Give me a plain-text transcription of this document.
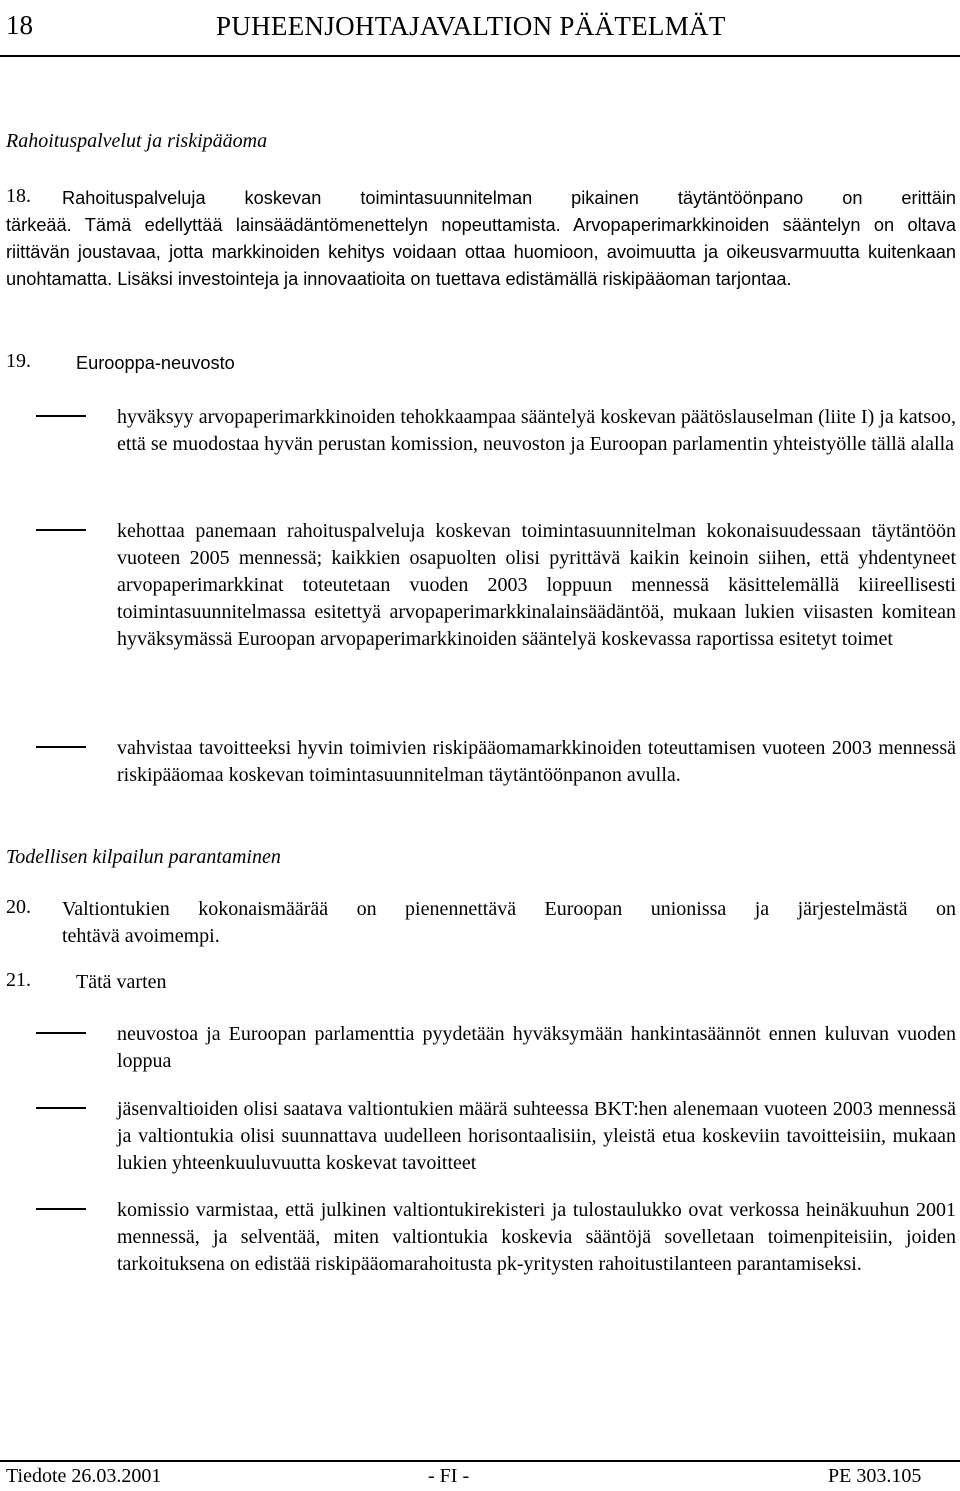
18	PUHEENJOHTAJAVALTION PÄÄTELMÄT
Rahoituspalvelut ja riskipääoma
18. Rahoituspalveluja koskevan toimintasuunnitelman pikainen täytäntöönpano on erittäin
tärkeää. Tämä edellyttää lainsäädäntömenettelyn nopeuttamista. Arvopaperimarkkinoiden sääntelyn on oltava riittävän joustavaa, jotta markkinoiden kehitys voidaan ottaa huomioon, avoimuutta ja oikeusvarmuutta kuitenkaan unohtamatta. Lisäksi investointeja ja innovaatioita on tuettava edistämällä riskipääoman tarjontaa.
19. Eurooppa-neuvosto
hyväksyy arvopaperimarkkinoiden tehokkaampaa sääntelyä koskevan päätöslauselman (liite I) ja katsoo, että se muodostaa hyvän perustan komission, neuvoston ja Euroopan parlamentin yhteistyölle tällä alalla
kehottaa panemaan rahoituspalveluja koskevan toimintasuunnitelman kokonaisuudessaan täytäntöön vuoteen 2005 mennessä; kaikkien osapuolten olisi pyrittävä kaikin keinoin siihen, että yhdentyneet arvopaperimarkkinat toteutetaan vuoden 2003 loppuun mennessä käsittelemällä kiireellisesti toimintasuunnitelmassa esitettyä arvopaperimarkkinalainsäädäntöä, mukaan lukien viisasten komitean hyväksymässä Euroopan arvopaperimarkkinoiden sääntelyä koskevassa raportissa esitetyt toimet
vahvistaa tavoitteeksi hyvin toimivien riskipääomamarkkinoiden toteuttamisen vuoteen 2003 mennessä riskipääomaa koskevan toimintasuunnitelman täytäntöönpanon avulla.
Todellisen kilpailun parantaminen
20. Valtiontukien kokonaismäärää on pienennettävä Euroopan unionissa ja järjestelmästä on
tehtävä avoimempi.
21. Tätä varten
neuvostoa ja Euroopan parlamenttia pyydetään hyväksymään hankintasäännöt ennen kuluvan vuoden loppua
jäsenvaltioiden olisi saatava valtiontukien määrä suhteessa BKT:hen alenemaan vuoteen 2003 mennessä ja valtiontukia olisi suunnattava uudelleen horisontaalisiin, yleistä etua koskeviin tavoitteisiin, mukaan lukien yhteenkuuluvuutta koskevat tavoitteet
komissio varmistaa, että julkinen valtiontukirekisteri ja tulostaulukko ovat verkossa heinäkuuhun 2001 mennessä, ja selventää, miten valtiontukia koskevia sääntöjä sovelletaan toimenpiteisiin, joiden tarkoituksena on edistää riskipääomarahoitusta pk-yritysten rahoitustilanteen parantamiseksi.
Tiedote 26.03.2001	- FI -	PE 303.105
